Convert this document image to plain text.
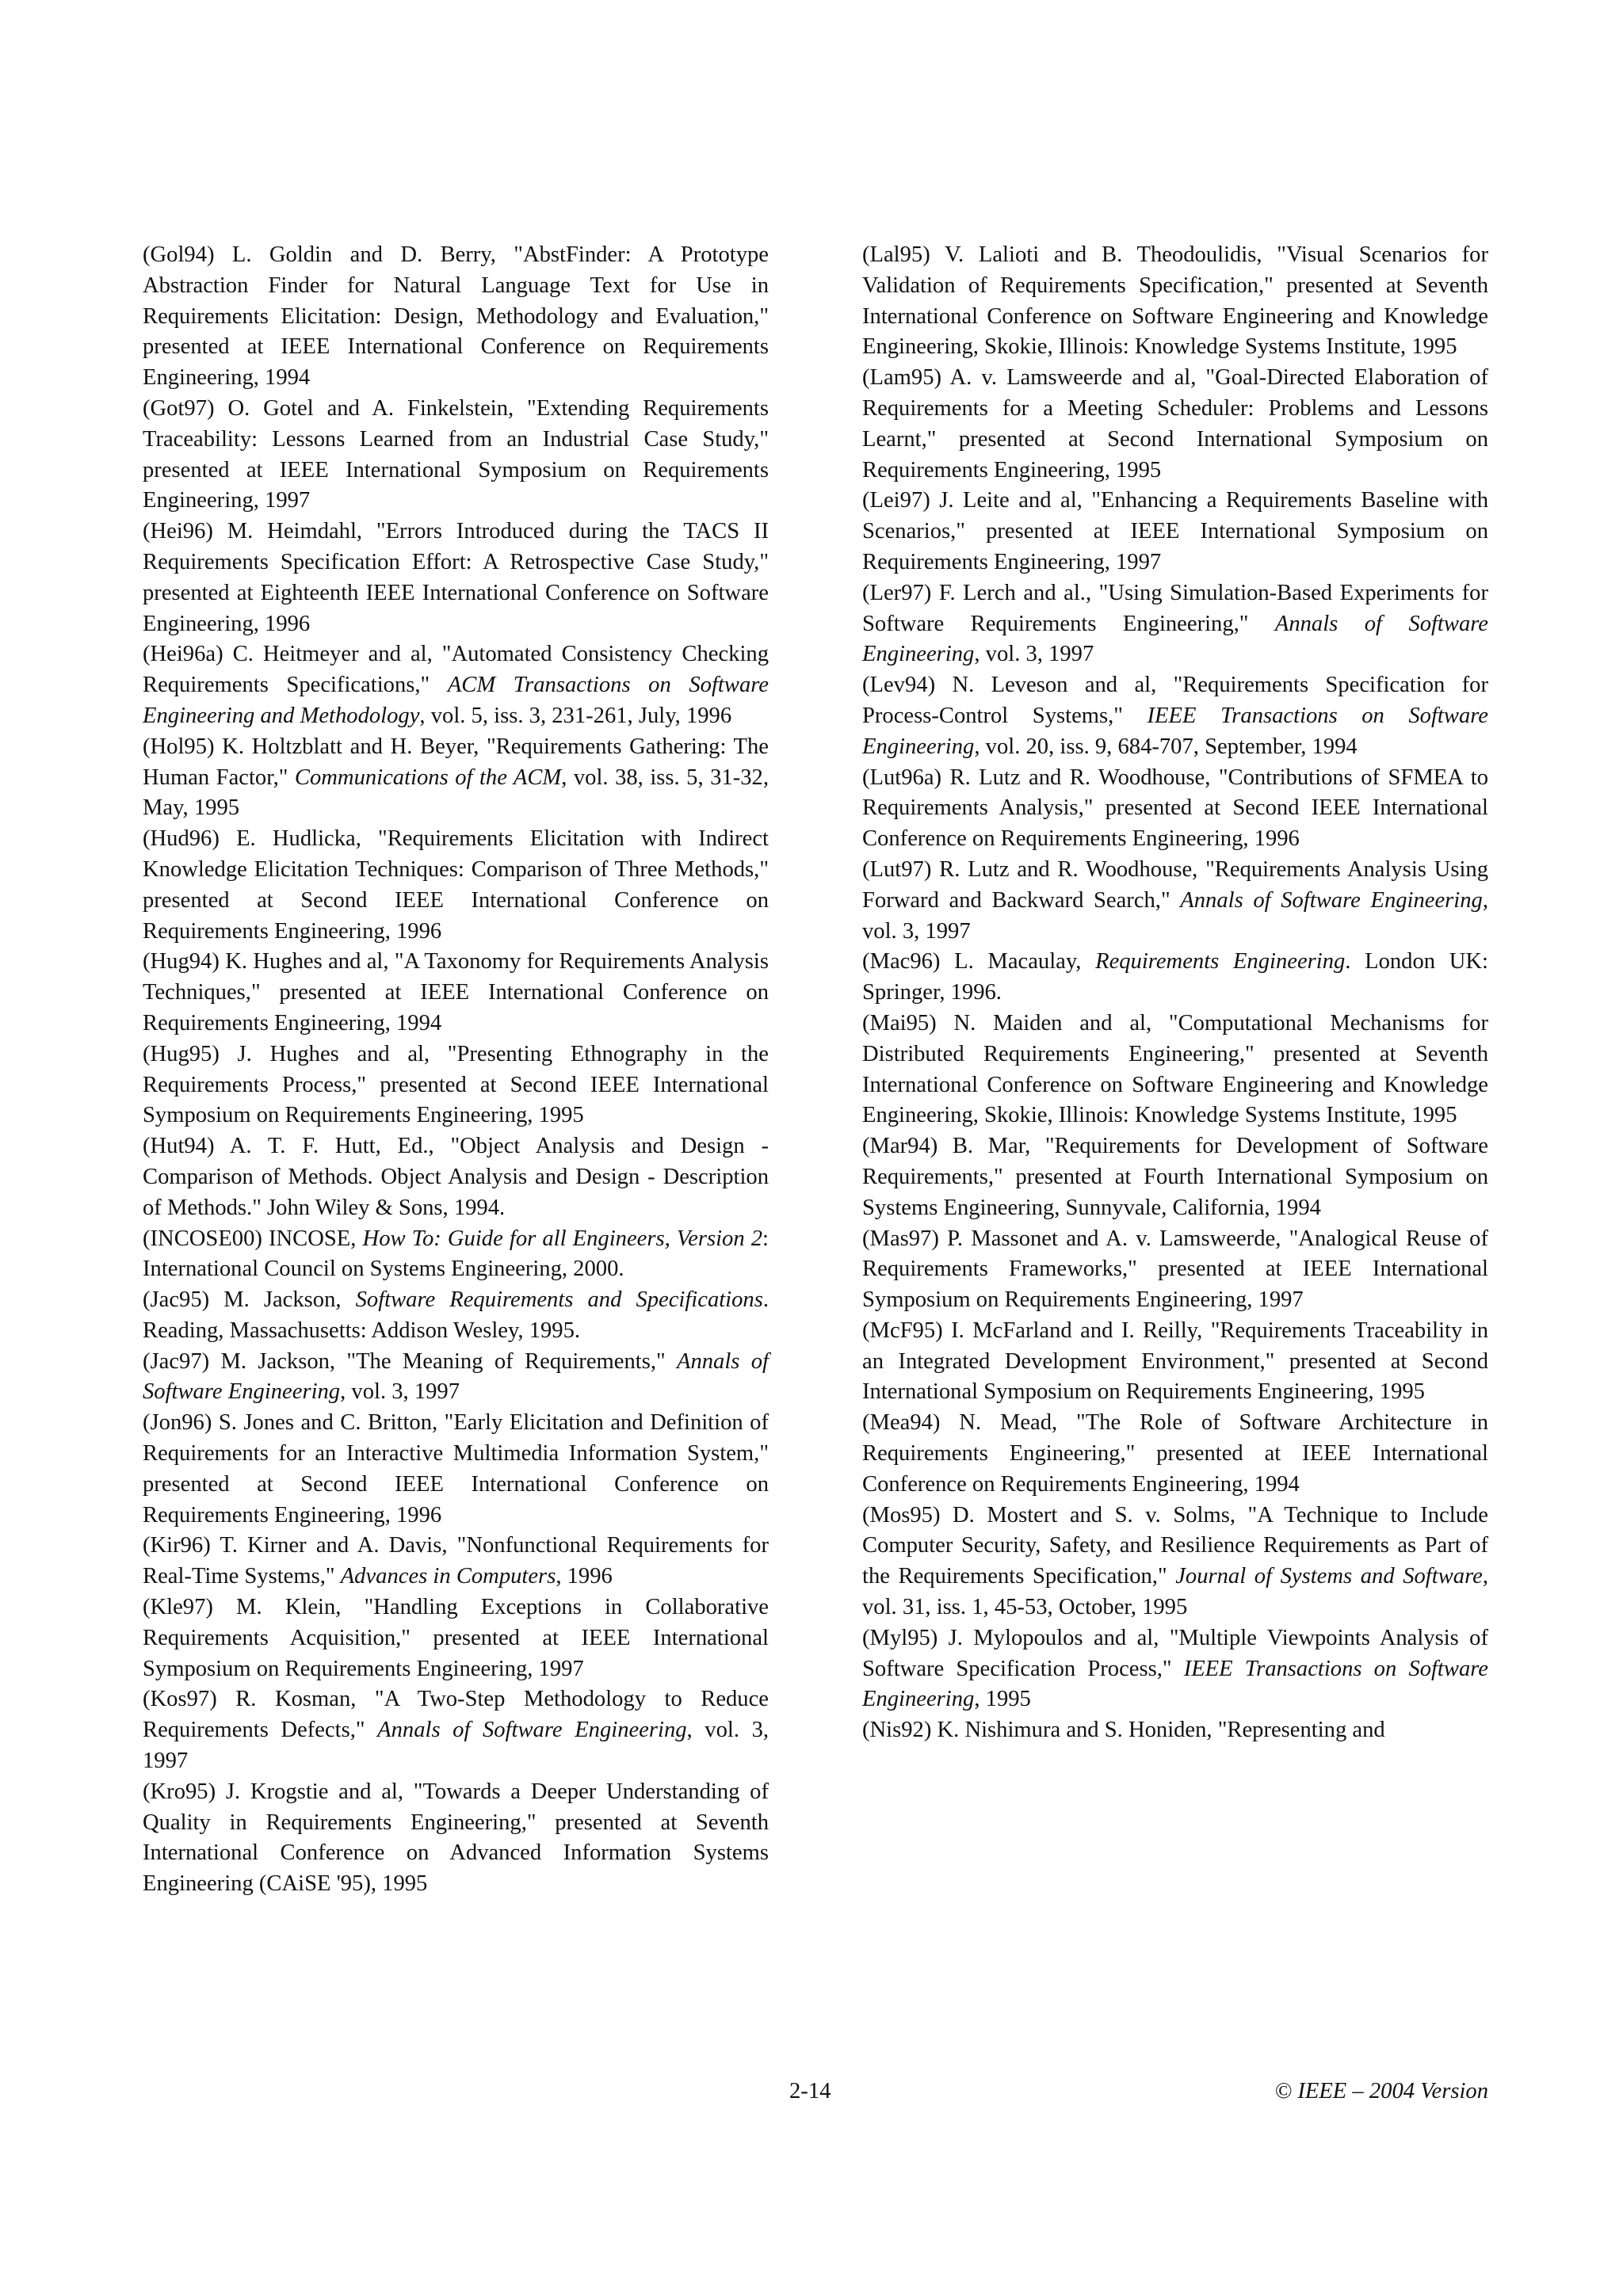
(Gol94) L. Goldin and D. Berry, "AbstFinder: A Prototype Abstraction Finder for Natural Language Text for Use in Requirements Elicitation: Design, Methodology and Evaluation," presented at IEEE International Conference on Requirements Engineering, 1994

(Got97) O. Gotel and A. Finkelstein, "Extending Requirements Traceability: Lessons Learned from an Industrial Case Study," presented at IEEE International Symposium on Requirements Engineering, 1997

(Hei96) M. Heimdahl, "Errors Introduced during the TACS II Requirements Specification Effort: A Retrospective Case Study," presented at Eighteenth IEEE International Conference on Software Engineering, 1996

(Hei96a) C. Heitmeyer and al, "Automated Consistency Checking Requirements Specifications," ACM Transactions on Software Engineering and Methodology, vol. 5, iss. 3, 231-261, July, 1996

(Hol95) K. Holtzblatt and H. Beyer, "Requirements Gathering: The Human Factor," Communications of the ACM, vol. 38, iss. 5, 31-32, May, 1995

(Hud96) E. Hudlicka, "Requirements Elicitation with Indirect Knowledge Elicitation Techniques: Comparison of Three Methods," presented at Second IEEE International Conference on Requirements Engineering, 1996

(Hug94) K. Hughes and al, "A Taxonomy for Requirements Analysis Techniques," presented at IEEE International Conference on Requirements Engineering, 1994

(Hug95) J. Hughes and al, "Presenting Ethnography in the Requirements Process," presented at Second IEEE International Symposium on Requirements Engineering, 1995

(Hut94) A. T. F. Hutt, Ed., "Object Analysis and Design - Comparison of Methods. Object Analysis and Design - Description of Methods." John Wiley & Sons, 1994.

(INCOSE00) INCOSE, How To: Guide for all Engineers, Version 2: International Council on Systems Engineering, 2000.

(Jac95) M. Jackson, Software Requirements and Specifications. Reading, Massachusetts: Addison Wesley, 1995.

(Jac97) M. Jackson, "The Meaning of Requirements," Annals of Software Engineering, vol. 3, 1997

(Jon96) S. Jones and C. Britton, "Early Elicitation and Definition of Requirements for an Interactive Multimedia Information System," presented at Second IEEE International Conference on Requirements Engineering, 1996

(Kir96) T. Kirner and A. Davis, "Nonfunctional Requirements for Real-Time Systems," Advances in Computers, 1996

(Kle97) M. Klein, "Handling Exceptions in Collaborative Requirements Acquisition," presented at IEEE International Symposium on Requirements Engineering, 1997

(Kos97) R. Kosman, "A Two-Step Methodology to Reduce Requirements Defects," Annals of Software Engineering, vol. 3, 1997

(Kro95) J. Krogstie and al, "Towards a Deeper Understanding of Quality in Requirements Engineering," presented at Seventh International Conference on Advanced Information Systems Engineering (CAiSE '95), 1995

(Lal95) V. Lalioti and B. Theodoulidis, "Visual Scenarios for Validation of Requirements Specification," presented at Seventh International Conference on Software Engineering and Knowledge Engineering, Skokie, Illinois: Knowledge Systems Institute, 1995

(Lam95) A. v. Lamsweerde and al, "Goal-Directed Elaboration of Requirements for a Meeting Scheduler: Problems and Lessons Learnt," presented at Second International Symposium on Requirements Engineering, 1995

(Lei97) J. Leite and al, "Enhancing a Requirements Baseline with Scenarios," presented at IEEE International Symposium on Requirements Engineering, 1997

(Ler97) F. Lerch and al., "Using Simulation-Based Experiments for Software Requirements Engineering," Annals of Software Engineering, vol. 3, 1997

(Lev94) N. Leveson and al, "Requirements Specification for Process-Control Systems," IEEE Transactions on Software Engineering, vol. 20, iss. 9, 684-707, September, 1994

(Lut96a) R. Lutz and R. Woodhouse, "Contributions of SFMEA to Requirements Analysis," presented at Second IEEE International Conference on Requirements Engineering, 1996

(Lut97) R. Lutz and R. Woodhouse, "Requirements Analysis Using Forward and Backward Search," Annals of Software Engineering, vol. 3, 1997

(Mac96) L. Macaulay, Requirements Engineering. London UK: Springer, 1996.

(Mai95) N. Maiden and al, "Computational Mechanisms for Distributed Requirements Engineering," presented at Seventh International Conference on Software Engineering and Knowledge Engineering, Skokie, Illinois: Knowledge Systems Institute, 1995

(Mar94) B. Mar, "Requirements for Development of Software Requirements," presented at Fourth International Symposium on Systems Engineering, Sunnyvale, California, 1994

(Mas97) P. Massonet and A. v. Lamsweerde, "Analogical Reuse of Requirements Frameworks," presented at IEEE International Symposium on Requirements Engineering, 1997

(McF95) I. McFarland and I. Reilly, "Requirements Traceability in an Integrated Development Environment," presented at Second International Symposium on Requirements Engineering, 1995

(Mea94) N. Mead, "The Role of Software Architecture in Requirements Engineering," presented at IEEE International Conference on Requirements Engineering, 1994

(Mos95) D. Mostert and S. v. Solms, "A Technique to Include Computer Security, Safety, and Resilience Requirements as Part of the Requirements Specification," Journal of Systems and Software, vol. 31, iss. 1, 45-53, October, 1995

(Myl95) J. Mylopoulos and al, "Multiple Viewpoints Analysis of Software Specification Process," IEEE Transactions on Software Engineering, 1995

(Nis92) K. Nishimura and S. Honiden, "Representing and

2-14	© IEEE – 2004 Version
